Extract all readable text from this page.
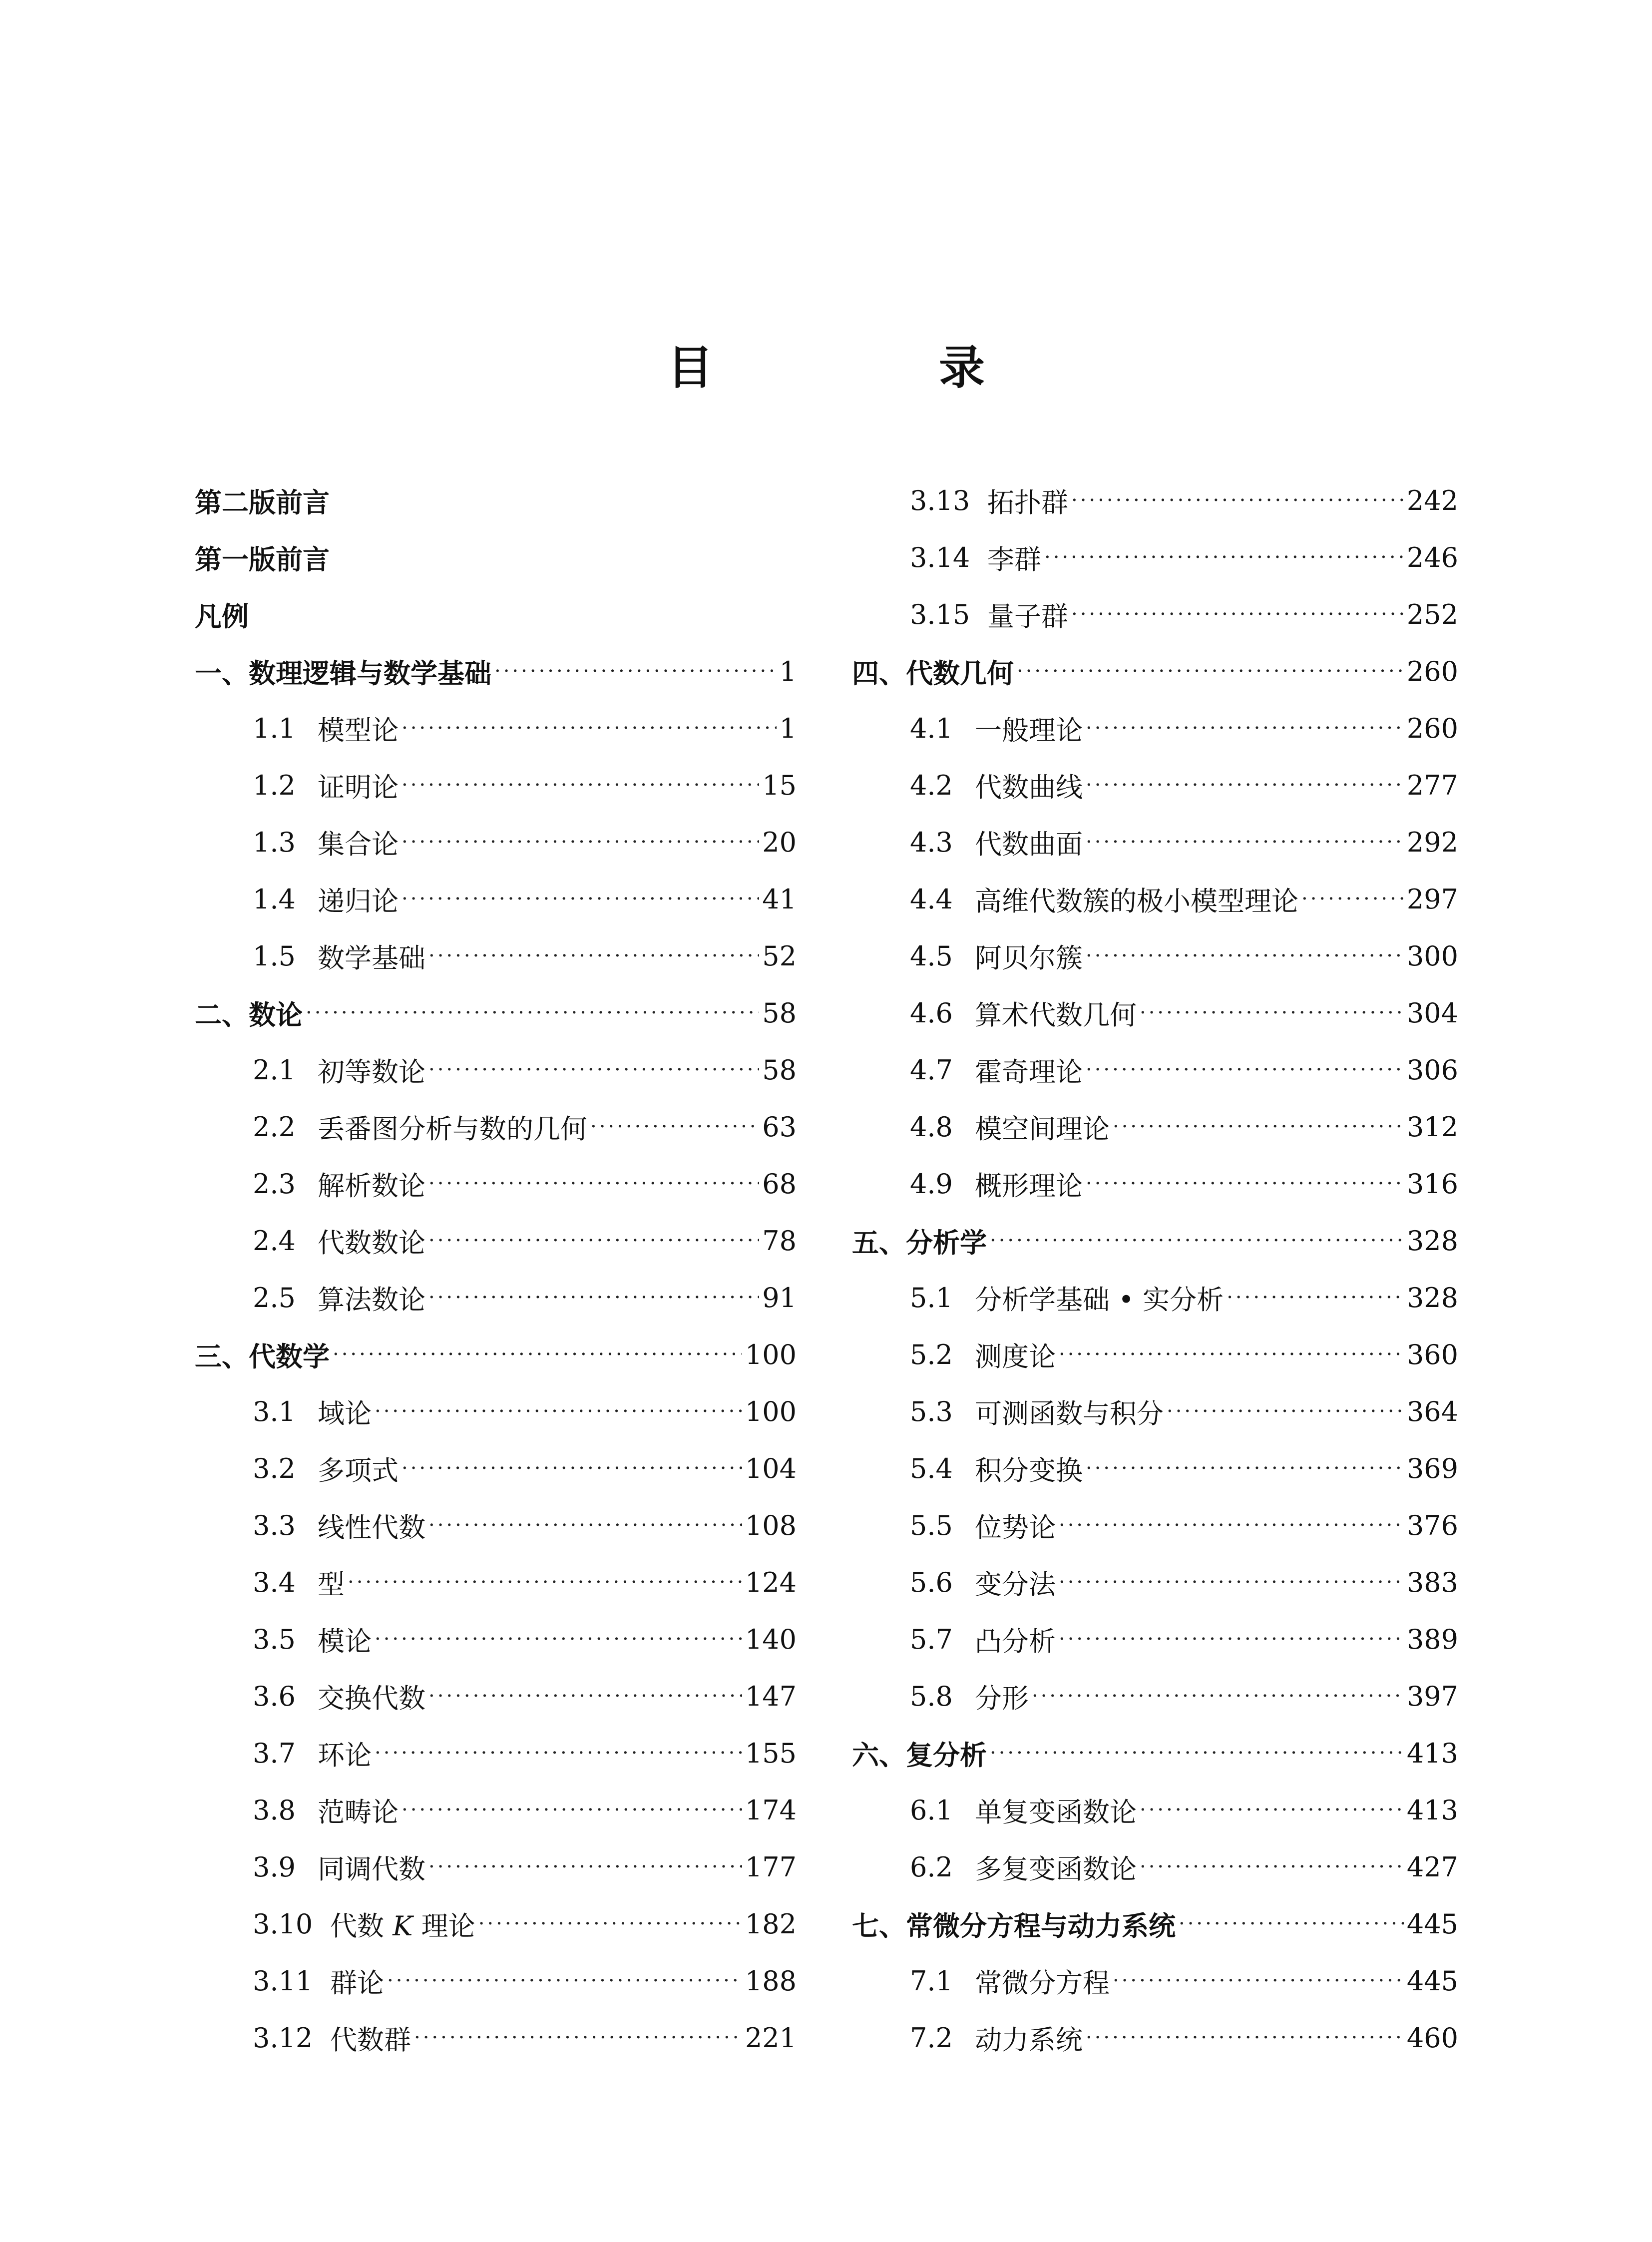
目　录
第二版前言
第一版前言
凡例
一、数理逻辑与数学基础 ·····	1
1.1 模型论 ·····	1
1.2 证明论 ·····	15
1.3 集合论 ·····	20
1.4 递归论 ·····	41
1.5 数学基础 ·····	52
二、数论 ·····	58
2.1 初等数论 ·····	58
2.2 丢番图分析与数的几何 ·····	63
2.3 解析数论 ·····	68
2.4 代数数论 ·····	78
2.5 算法数论 ·····	91
三、代数学 ·····	100
3.1 域论 ·····	100
3.2 多项式 ·····	104
3.3 线性代数 ·····	108
3.4 型 ·····	124
3.5 模论 ·····	140
3.6 交换代数 ·····	147
3.7 环论 ·····	155
3.8 范畴论 ·····	174
3.9 同调代数 ·····	177
3.10 代数 K 理论 ·····	182
3.11 群论 ·····	188
3.12 代数群 ·····	221
3.13 拓扑群 ·····	242
3.14 李群 ·····	246
3.15 量子群 ·····	252
四、代数几何 ·····	260
4.1 一般理论 ·····	260
4.2 代数曲线 ·····	277
4.3 代数曲面 ·····	292
4.4 高维代数簇的极小模型理论 ·····	297
4.5 阿贝尔簇 ·····	300
4.6 算术代数几何 ·····	304
4.7 霍奇理论 ·····	306
4.8 模空间理论 ·····	312
4.9 概形理论 ·····	316
五、分析学 ·····	328
5.1 分析学基础 • 实分析 ·····	328
5.2 测度论 ·····	360
5.3 可测函数与积分 ·····	364
5.4 积分变换 ·····	369
5.5 位势论 ·····	376
5.6 变分法 ·····	383
5.7 凸分析 ·····	389
5.8 分形 ·····	397
六、复分析 ·····	413
6.1 单复变函数论 ·····	413
6.2 多复变函数论 ·····	427
七、常微分方程与动力系统 ·····	445
7.1 常微分方程 ·····	445
7.2 动力系统 ·····	460
